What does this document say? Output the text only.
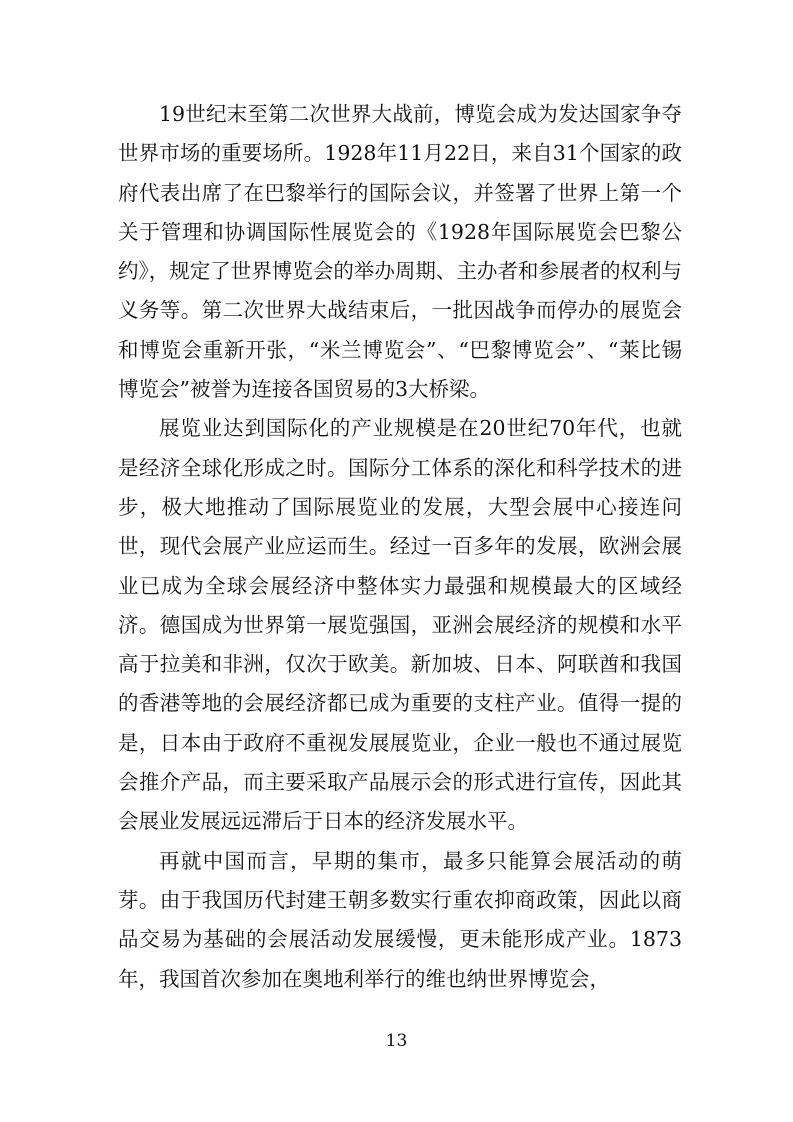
19世纪末至第二次世界大战前，博览会成为发达国家争夺世界市场的重要场所。1928年11月22日，来自31个国家的政府代表出席了在巴黎举行的国际会议，并签署了世界上第一个关于管理和协调国际性展览会的《1928年国际展览会巴黎公约》，规定了世界博览会的举办周期、主办者和参展者的权利与义务等。第二次世界大战结束后，一批因战争而停办的展览会和博览会重新开张，“米兰博览会”、“巴黎博览会”、“莱比锡博览会”被誉为连接各国贸易的3大桥梁。

展览业达到国际化的产业规模是在20世纪70年代，也就是经济全球化形成之时。国际分工体系的深化和科学技术的进步，极大地推动了国际展览业的发展，大型会展中心接连问世，现代会展产业应运而生。经过一百多年的发展，欧洲会展业已成为全球会展经济中整体实力最强和规模最大的区域经济。德国成为世界第一展览强国，亚洲会展经济的规模和水平高于拉美和非洲，仅次于欧美。新加坡、日本、阿联酋和我国的香港等地的会展经济都已成为重要的支柱产业。值得一提的是，日本由于政府不重视发展展览业，企业一般也不通过展览会推介产品，而主要采取产品展示会的形式进行宣传，因此其会展业发展远远滞后于日本的经济发展水平。

再就中国而言，早期的集市，最多只能算会展活动的萌芽。由于我国历代封建王朝多数实行重农抑商政策，因此以商品交易为基础的会展活动发展缓慢，更未能形成产业。1873年，我国首次参加在奥地利举行的维也纳世界博览会，

13
